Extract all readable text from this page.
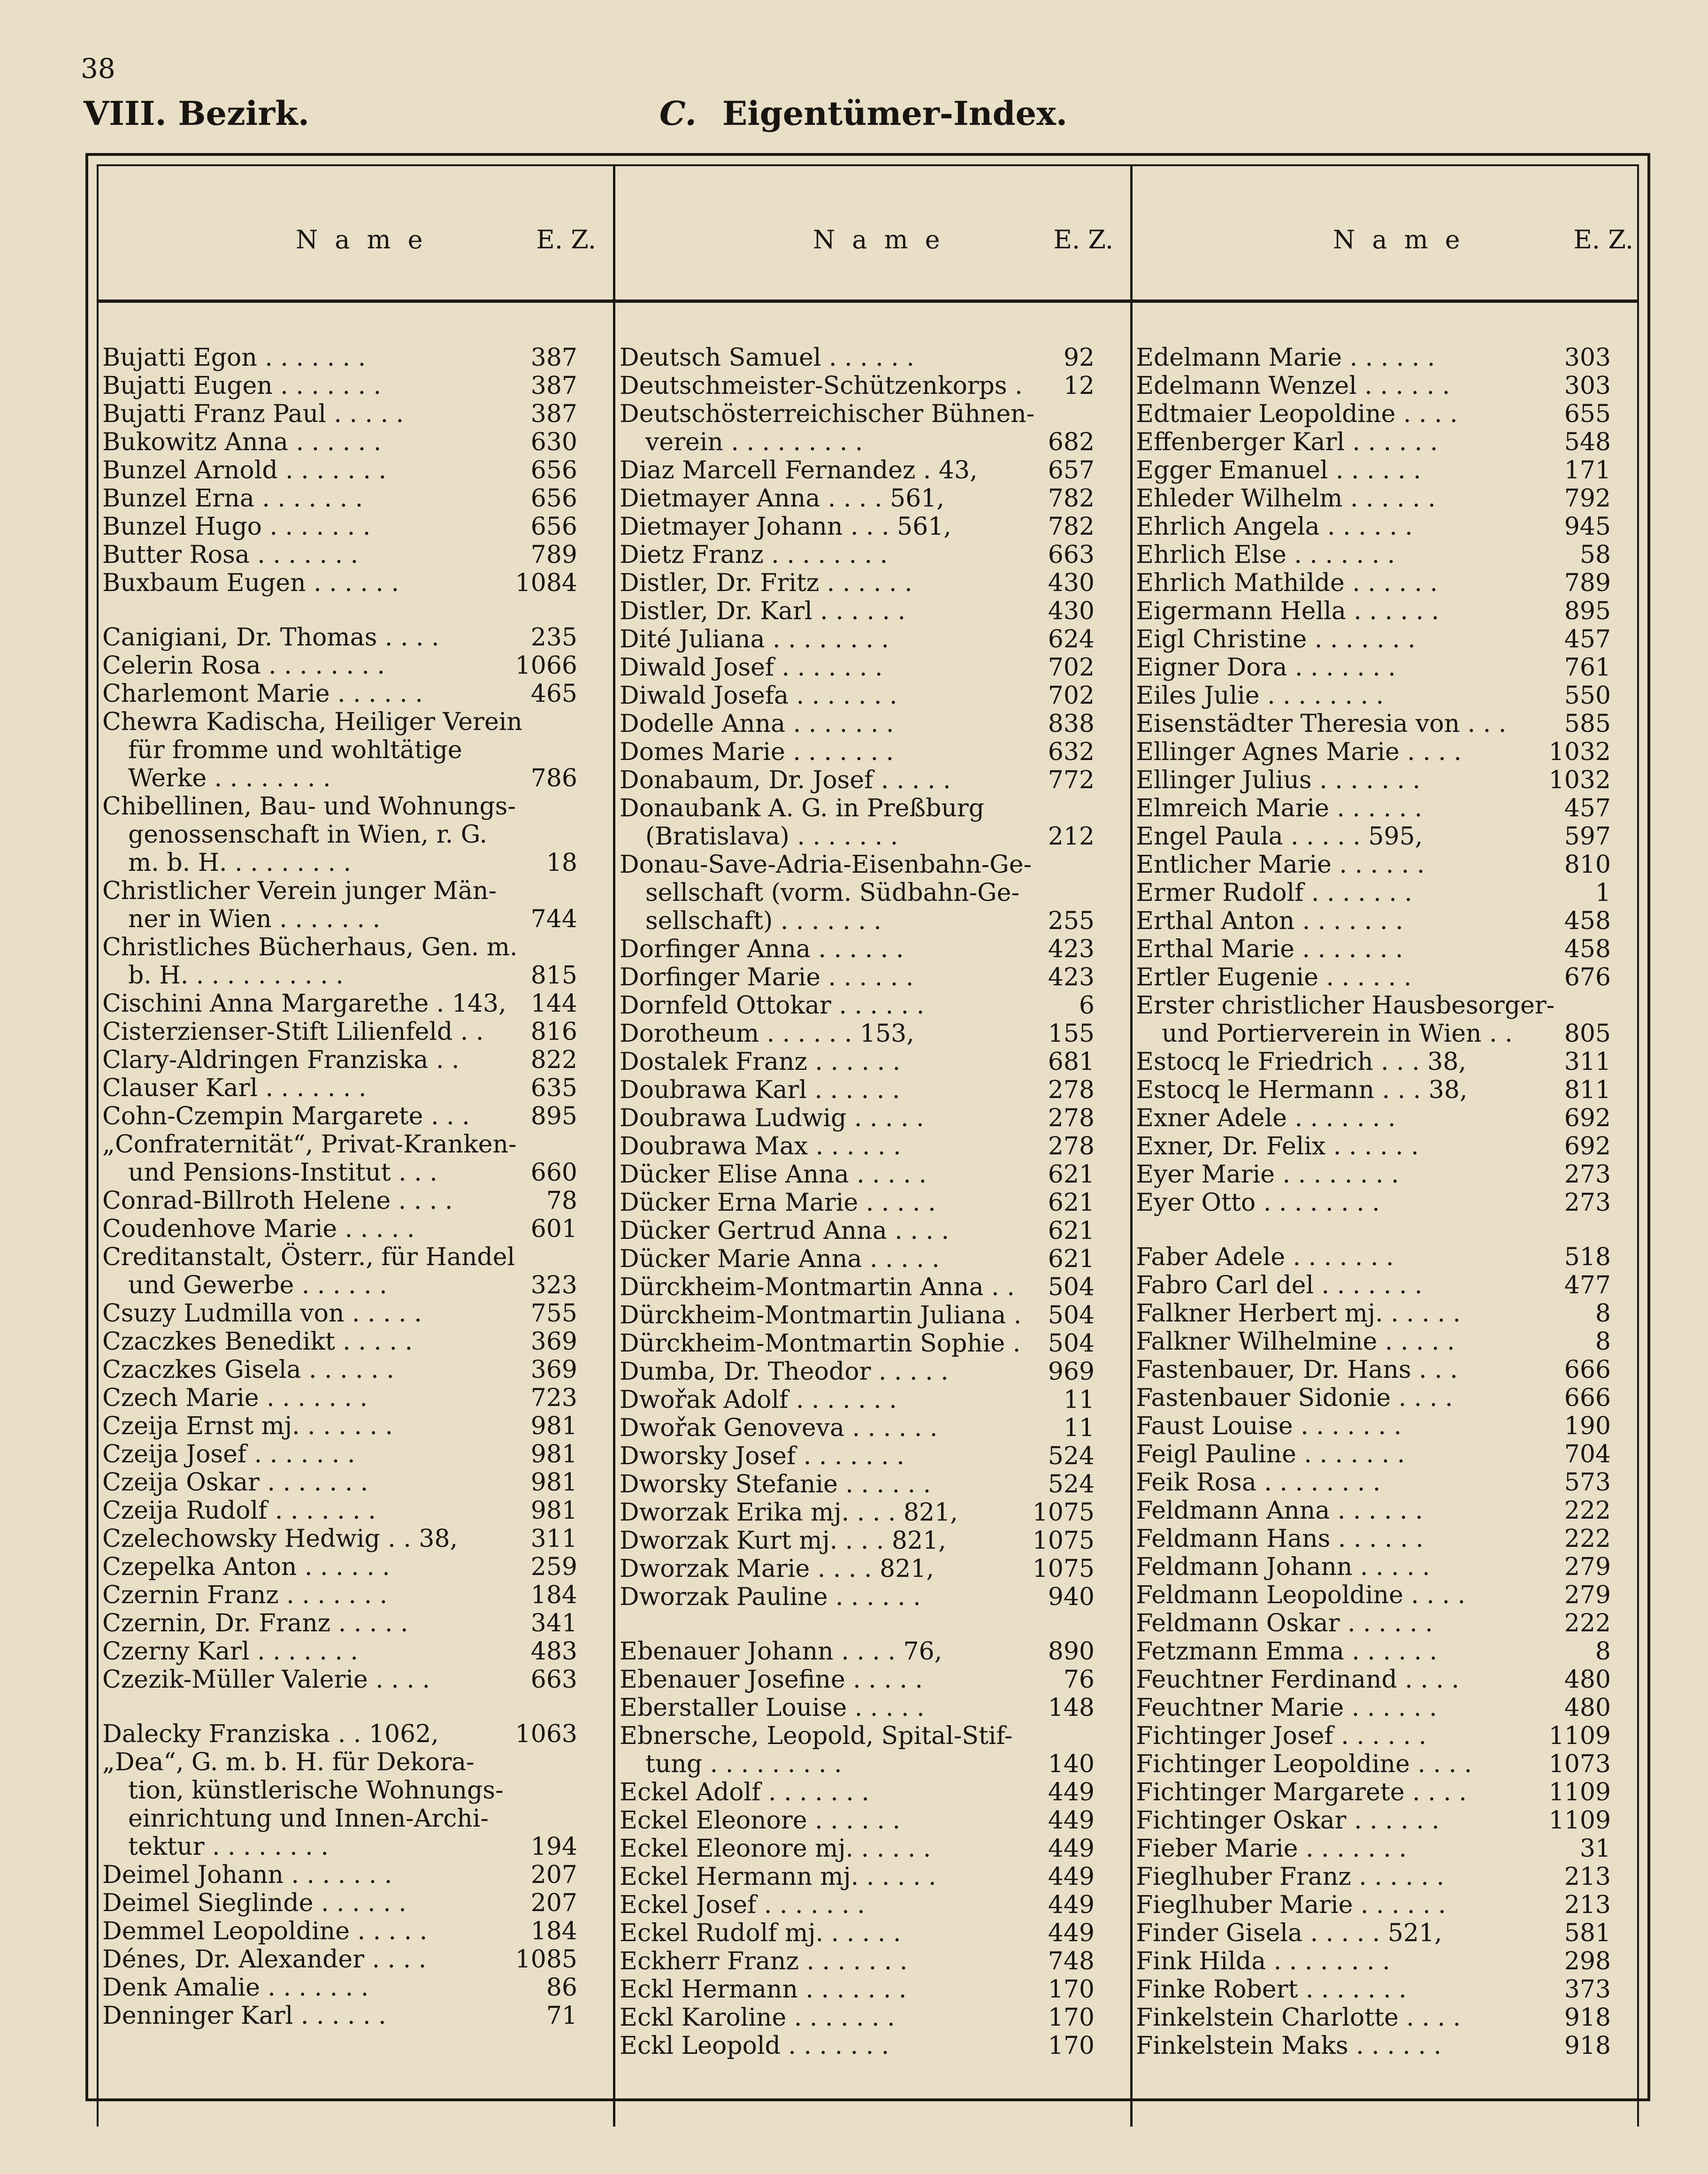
38
VIII. Bezirk.	C. Eigentümer-Index.
Name	E. Z.	Name	E. Z.	Name	E. Z.
Bujatti Egon . . . . . . .	387
Bujatti Eugen . . . . . . .	387
Bujatti Franz Paul . . . . .	387
Bukowitz Anna . . . . . .	630
Bunzel Arnold . . . . . . .	656
Bunzel Erna . . . . . . .	656
Bunzel Hugo . . . . . . .	656
Butter Rosa . . . . . . .	789
Buxbaum Eugen . . . . . .	1084
Canigiani, Dr. Thomas . . . .	235
Celerin Rosa . . . . . . . .	1066
Charlemont Marie . . . . . .	465
Chewra Kadischa, Heiliger Verein
für fromme und wohltätige
Werke . . . . . . . .	786
Chibellinen, Bau- und Wohnungs-
genossenschaft in Wien, r. G.
m. b. H. . . . . . . . .	18
Christlicher Verein junger Män-
ner in Wien . . . . . . .	744
Christliches Bücherhaus, Gen. m.
b. H. . . . . . . . . . .	815
Cischini Anna Margarethe . 143, 144
Cisterzienser-Stift Lilienfeld . . 816
Clary-Aldringen Franziska . .	822
Clauser Karl . . . . . . .	635
Cohn-Czempin Margarete . . .	895
„Confraternität“, Privat-Kranken-
und Pensions-Institut . . .	660
Conrad-Billroth Helene . . . .	78
Coudenhove Marie . . . . .	601
Creditanstalt, Österr., für Handel
und Gewerbe . . . . . .	323
Csuzy Ludmilla von . . . . .	755
Czaczkes Benedikt . . . . .	369
Czaczkes Gisela . . . . . .	369
Czech Marie . . . . . . .	723
Czeija Ernst mj. . . . . . .	981
Czeija Josef . . . . . . .	981
Czeija Oskar . . . . . . .	981
Czeija Rudolf . . . . . . .	981
Czelechowsky Hedwig . . 38,	311
Czepelka Anton . . . . . .	259
Czernin Franz . . . . . . .	184
Czernin, Dr. Franz . . . . .	341
Czerny Karl . . . . . . .	483
Czezik-Müller Valerie . . . .	663
Dalecky Franziska . . 1062,	1063
„Dea“, G. m. b. H. für Dekora-
tion, künstlerische Wohnungs-
einrichtung und Innen-Archi-
tektur . . . . . . . .	194
Deimel Johann . . . . . . .	207
Deimel Sieglinde . . . . . .	207
Demmel Leopoldine . . . . .	184
Dénes, Dr. Alexander . . . .	1085
Denk Amalie . . . . . . .	86
Denninger Karl . . . . . .	71
Deutsch Samuel . . . . . .	92
Deutschmeister-Schützenkorps . 12
Deutschösterreichischer Bühnen-
verein . . . . . . . . .	682
Diaz Marcell Fernandez . 43,	657
Dietmayer Anna . . . . 561,	782
Dietmayer Johann . . . 561,	782
Dietz Franz . . . . . . . .	663
Distler, Dr. Fritz . . . . . .	430
Distler, Dr. Karl . . . . . .	430
Dité Juliana . . . . . . . .	624
Diwald Josef . . . . . . .	702
Diwald Josefa . . . . . . .	702
Dodelle Anna . . . . . . .	838
Domes Marie . . . . . . .	632
Donabaum, Dr. Josef . . . . .	772
Donaubank A. G. in Preßburg
(Bratislava) . . . . . . .	212
Donau-Save-Adria-Eisenbahn-Ge-
sellschaft (vorm. Südbahn-Ge-
sellschaft) . . . . . . .	255
Dorfinger Anna . . . . . .	423
Dorfinger Marie . . . . . .	423
Dornfeld Ottokar . . . . . .	6
Dorotheum . . . . . . 153,	155
Dostalek Franz . . . . . .	681
Doubrawa Karl . . . . . .	278
Doubrawa Ludwig . . . . .	278
Doubrawa Max . . . . . .	278
Dücker Elise Anna . . . . .	621
Dücker Erna Marie . . . . .	621
Dücker Gertrud Anna . . . .	621
Dücker Marie Anna . . . . .	621
Dürckheim-Montmartin Anna . . 504
Dürckheim-Montmartin Juliana . 504
Dürckheim-Montmartin Sophie . 504
Dumba, Dr. Theodor . . . . .	969
Dwořak Adolf . . . . . . .	11
Dwořak Genoveva . . . . . .	11
Dworsky Josef . . . . . . .	524
Dworsky Stefanie . . . . . .	524
Dworzak Erika mj. . . . 821,	1075
Dworzak Kurt mj. . . . 821,	1075
Dworzak Marie . . . . 821,	1075
Dworzak Pauline . . . . . .	940
Ebenauer Johann . . . . 76,	890
Ebenauer Josefine . . . . .	76
Eberstaller Louise . . . . .	148
Ebnersche, Leopold, Spital-Stif-
tung . . . . . . . . .	140
Eckel Adolf . . . . . . .	449
Eckel Eleonore . . . . . .	449
Eckel Eleonore mj. . . . . .	449
Eckel Hermann mj. . . . . .	449
Eckel Josef . . . . . . .	449
Eckel Rudolf mj. . . . . .	449
Eckherr Franz . . . . . . .	748
Eckl Hermann . . . . . . .	170
Eckl Karoline . . . . . . .	170
Eckl Leopold . . . . . . .	170
Edelmann Marie . . . . . .	303
Edelmann Wenzel . . . . . .	303
Edtmaier Leopoldine . . . .	655
Effenberger Karl . . . . . .	548
Egger Emanuel . . . . . .	171
Ehleder Wilhelm . . . . . .	792
Ehrlich Angela . . . . . .	945
Ehrlich Else . . . . . . .	58
Ehrlich Mathilde . . . . . .	789
Eigermann Hella . . . . . .	895
Eigl Christine . . . . . . .	457
Eigner Dora . . . . . . .	761
Eiles Julie . . . . . . . .	550
Eisenstädter Theresia von . . . 585
Ellinger Agnes Marie . . . .	1032
Ellinger Julius . . . . . . .	1032
Elmreich Marie . . . . . .	457
Engel Paula . . . . . 595,	597
Entlicher Marie . . . . . .	810
Ermer Rudolf . . . . . . .	1
Erthal Anton . . . . . . .	458
Erthal Marie . . . . . . .	458
Ertler Eugenie . . . . . .	676
Erster christlicher Hausbesorger-
und Portierverein in Wien . . 805
Estocq le Friedrich . . . 38,	311
Estocq le Hermann . . . 38,	811
Exner Adele . . . . . . .	692
Exner, Dr. Felix . . . . . .	692
Eyer Marie . . . . . . . .	273
Eyer Otto . . . . . . . .	273
Faber Adele . . . . . . .	518
Fabro Carl del . . . . . . .	477
Falkner Herbert mj. . . . . .	8
Falkner Wilhelmine . . . . .	8
Fastenbauer, Dr. Hans . . .	666
Fastenbauer Sidonie . . . .	666
Faust Louise . . . . . . .	190
Feigl Pauline . . . . . . .	704
Feik Rosa . . . . . . . .	573
Feldmann Anna . . . . . .	222
Feldmann Hans . . . . . .	222
Feldmann Johann . . . . .	279
Feldmann Leopoldine . . . .	279
Feldmann Oskar . . . . . .	222
Fetzmann Emma . . . . . .	8
Feuchtner Ferdinand . . . .	480
Feuchtner Marie . . . . . .	480
Fichtinger Josef . . . . . .	1109
Fichtinger Leopoldine . . . .	1073
Fichtinger Margarete . . . .	1109
Fichtinger Oskar . . . . . .	1109
Fieber Marie . . . . . . .	31
Fieglhuber Franz . . . . . .	213
Fieglhuber Marie . . . . . .	213
Finder Gisela . . . . . 521,	581
Fink Hilda . . . . . . . .	298
Finke Robert . . . . . . .	373
Finkelstein Charlotte . . . .	918
Finkelstein Maks . . . . . .	918
